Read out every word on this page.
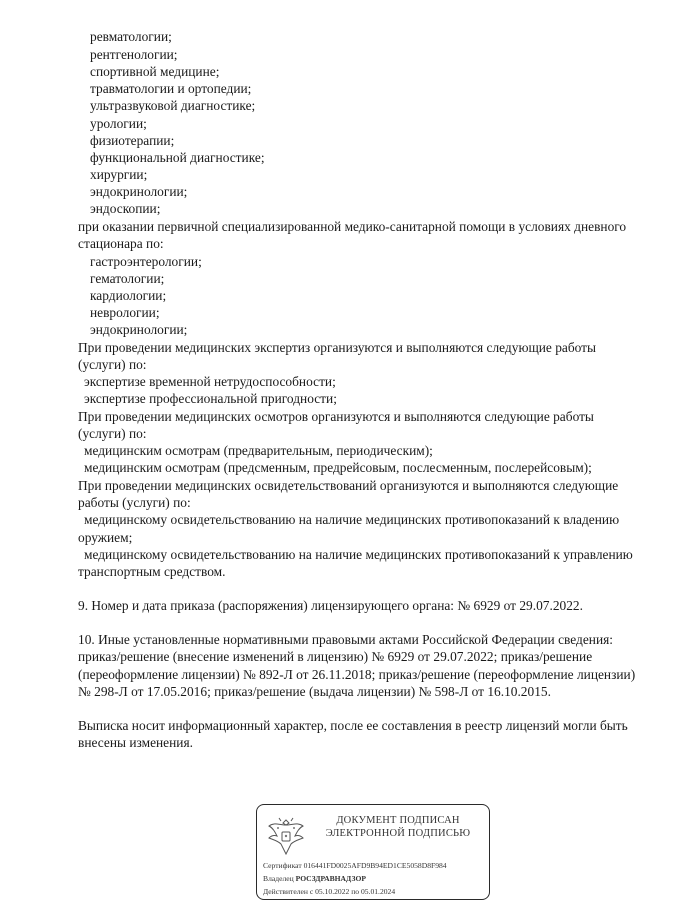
ревматологии;
рентгенологии;
спортивной медицине;
травматологии и ортопедии;
ультразвуковой диагностике;
урологии;
физиотерапии;
функциональной диагностике;
хирургии;
эндокринологии;
эндоскопии;
при оказании первичной специализированной медико-санитарной помощи в условиях дневного
стационара по:
гастроэнтерологии;
гематологии;
кардиологии;
неврологии;
эндокринологии;
При проведении медицинских экспертиз организуются и выполняются следующие работы
(услуги) по:
экспертизе временной нетрудоспособности;
экспертизе профессиональной пригодности;
При проведении медицинских осмотров организуются и выполняются следующие работы
(услуги) по:
медицинским осмотрам (предварительным, периодическим);
медицинским осмотрам (предсменным, предрейсовым, послесменным, послерейсовым);
При проведении медицинских освидетельствований организуются и выполняются следующие
работы (услуги) по:
медицинскому освидетельствованию на наличие медицинских противопоказаний к владению
оружием;
медицинскому освидетельствованию на наличие медицинских противопоказаний к управлению
транспортным средством.
9. Номер и дата приказа (распоряжения) лицензирующего органа: № 6929 от 29.07.2022.
10. Иные установленные нормативными правовыми актами Российской Федерации сведения:
приказ/решение (внесение изменений в лицензию) № 6929 от 29.07.2022; приказ/решение
(переоформление лицензии) № 892-Л от 26.11.2018; приказ/решение (переоформление лицензии)
№ 298-Л от 17.05.2016; приказ/решение (выдача лицензии) № 598-Л от 16.10.2015.
Выписка носит информационный характер, после ее составления в реестр лицензий могли быть
внесены изменения.
ДОКУМЕНТ ПОДПИСАН
ЭЛЕКТРОННОЙ ПОДПИСЬЮ
Сертификат 016441FD0025AFD9B94ED1CE5058D8F984
Владелец РОСЗДРАВНАДЗОР
Действителен с 05.10.2022 по 05.01.2024
